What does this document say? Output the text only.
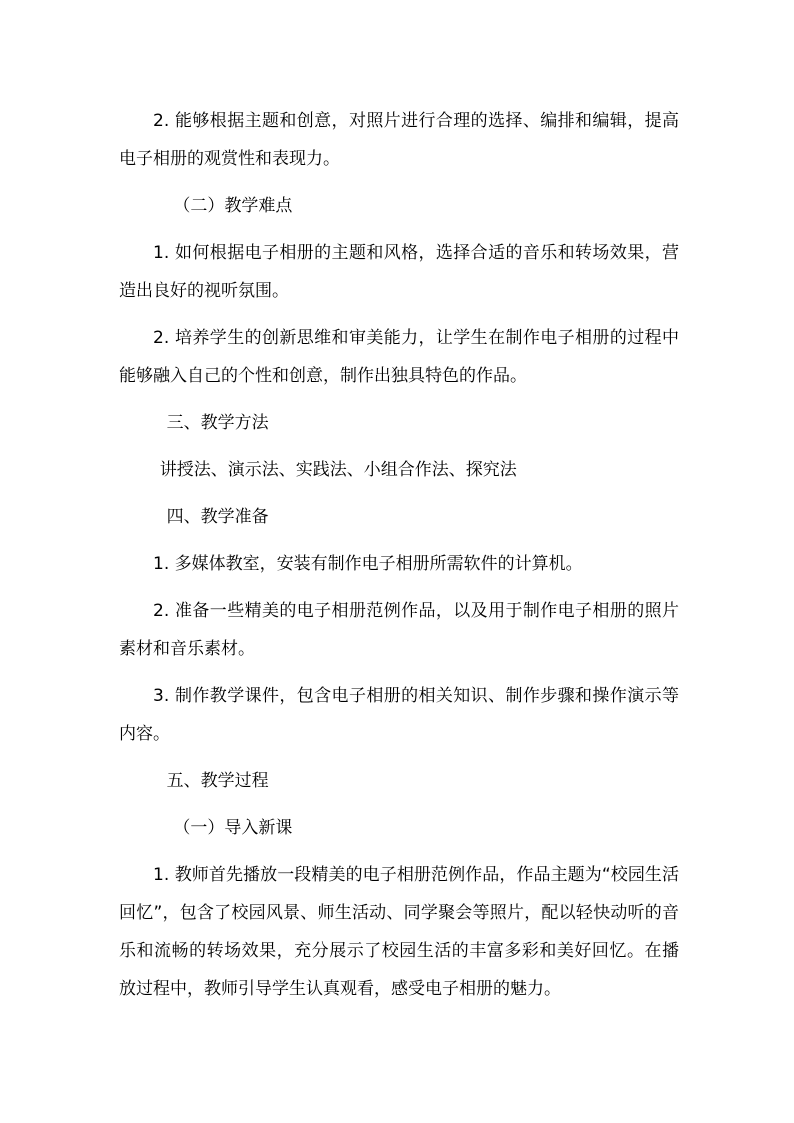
2. 能够根据主题和创意，对照片进行合理的选择、编排和编辑，提高电子相册的观赏性和表现力。

（二）教学难点

1. 如何根据电子相册的主题和风格，选择合适的音乐和转场效果，营造出良好的视听氛围。

2. 培养学生的创新思维和审美能力，让学生在制作电子相册的过程中能够融入自己的个性和创意，制作出独具特色的作品。

三、教学方法

讲授法、演示法、实践法、小组合作法、探究法

四、教学准备

1. 多媒体教室，安装有制作电子相册所需软件的计算机。

2. 准备一些精美的电子相册范例作品，以及用于制作电子相册的照片素材和音乐素材。

3. 制作教学课件，包含电子相册的相关知识、制作步骤和操作演示等内容。

五、教学过程

（一）导入新课

1. 教师首先播放一段精美的电子相册范例作品，作品主题为“校园生活回忆”，包含了校园风景、师生活动、同学聚会等照片，配以轻快动听的音乐和流畅的转场效果，充分展示了校园生活的丰富多彩和美好回忆。在播放过程中，教师引导学生认真观看，感受电子相册的魅力。
